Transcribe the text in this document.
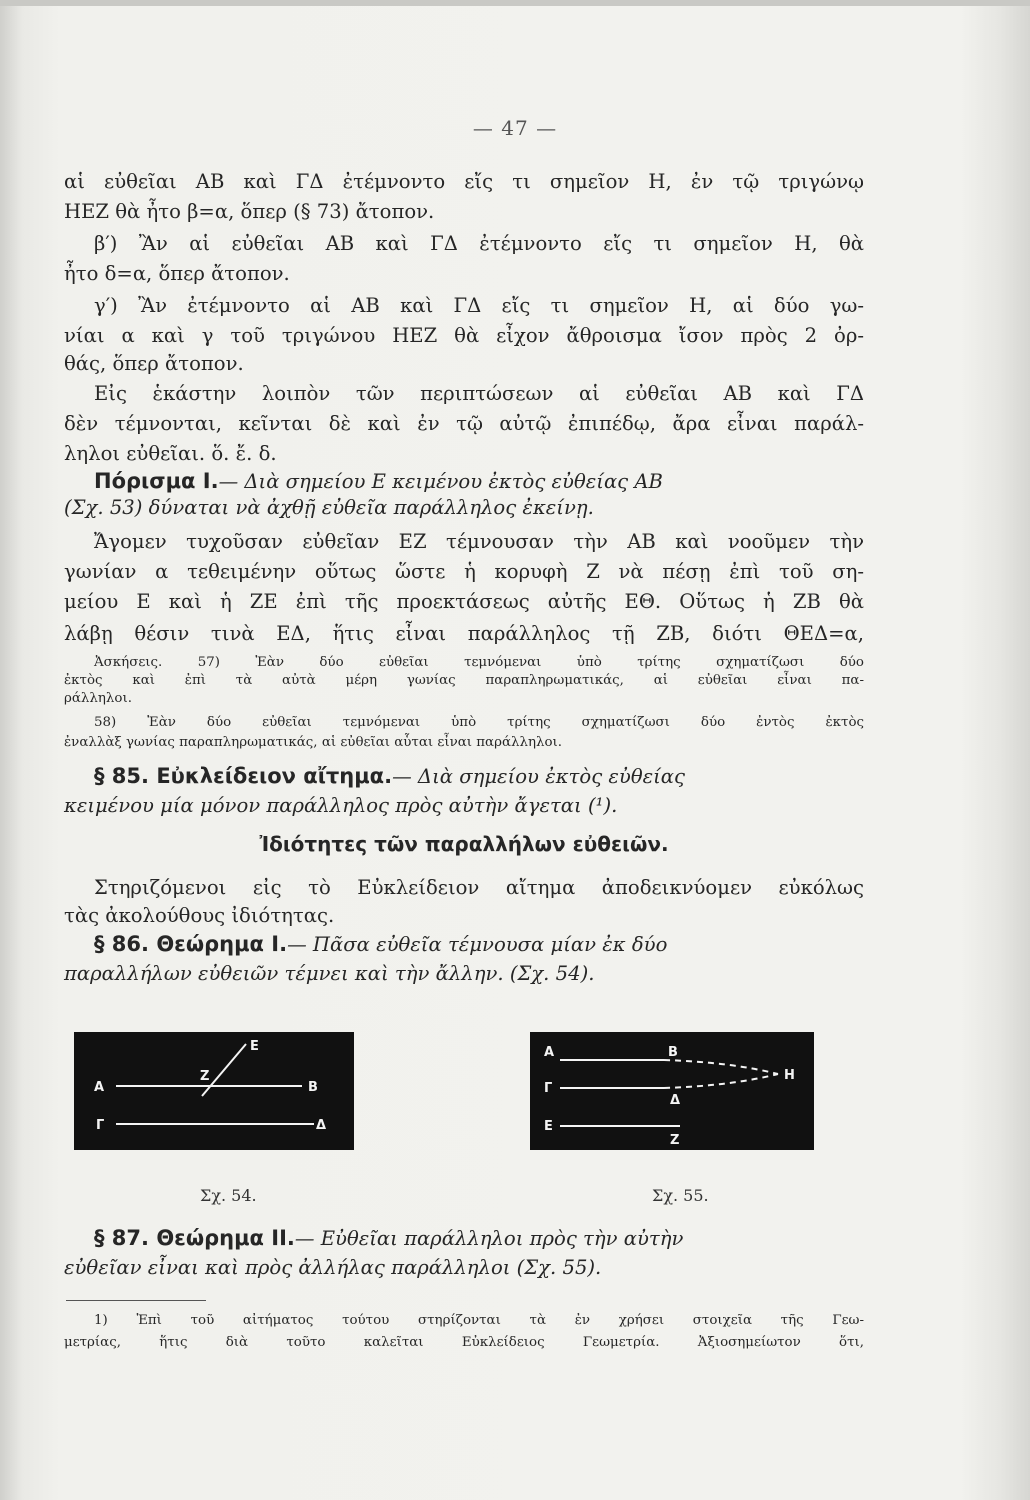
— 47 —
αἱ εὐθεῖαι ΑΒ καὶ ΓΔ ἐτέμνοντο εἴς τι σημεῖον Η, ἐν τῷ τριγώνῳ
ΗΕΖ θὰ ἦτο β=α, ὅπερ (§ 73) ἄτοπον.
β′) Ἂν αἱ εὐθεῖαι ΑΒ καὶ ΓΔ ἐτέμνοντο εἴς τι σημεῖον Η, θὰ
ἦτο δ=α, ὅπερ ἄτοπον.
γ′) Ἂν ἐτέμνοντο αἱ ΑΒ καὶ ΓΔ εἴς τι σημεῖον Η, αἱ δύο γω-
νίαι α καὶ γ τοῦ τριγώνου ΗΕΖ θὰ εἶχον ἄθροισμα ἴσον πρὸς 2 ὀρ-
θάς, ὅπερ ἄτοπον.
Εἰς ἑκάστην λοιπὸν τῶν περιπτώσεων αἱ εὐθεῖαι ΑΒ καὶ ΓΔ
δὲν τέμνονται, κεῖνται δὲ καὶ ἐν τῷ αὐτῷ ἐπιπέδῳ, ἄρα εἶναι παράλ-
ληλοι εὐθεῖαι. ὅ. ἔ. δ.
Πόρισμα Ι.— Διὰ σημείου Ε κειμένου ἐκτὸς εὐθείας ΑΒ
(Σχ. 53) δύναται νὰ ἀχθῇ εὐθεῖα παράλληλος ἐκείνῃ.
Ἄγομεν τυχοῦσαν εὐθεῖαν ΕΖ τέμνουσαν τὴν ΑΒ καὶ νοοῦμεν τὴν
γωνίαν α τεθειμένην οὕτως ὥστε ἡ κορυφὴ Ζ νὰ πέσῃ ἐπὶ τοῦ ση-
μείου Ε καὶ ἡ ΖΕ ἐπὶ τῆς προεκτάσεως αὐτῆς ΕΘ. Οὕτως ἡ ΖΒ θὰ
λάβῃ θέσιν τινὰ ΕΔ, ἥτις εἶναι παράλληλος τῇ ΖΒ, διότι ΘΕΔ=α,
Ἀσκήσεις. 57) Ἐὰν δύο εὐθεῖαι τεμνόμεναι ὑπὸ τρίτης σχηματίζωσι δύο
ἐκτὸς καὶ ἐπὶ τὰ αὐτὰ μέρη γωνίας παραπληρωματικάς, αἱ εὐθεῖαι εἶναι πα-
ράλληλοι.
58) Ἐὰν δύο εὐθεῖαι τεμνόμεναι ὑπὸ τρίτης σχηματίζωσι δύο ἐντὸς ἐκτὸς
ἐναλλὰξ γωνίας παραπληρωματικάς, αἱ εὐθεῖαι αὗται εἶναι παράλληλοι.
§ 85. Εὐκλείδειον αἴτημα.— Διὰ σημείου ἐκτὸς εὐθείας
κειμένου μία μόνον παράλληλος πρὸς αὐτὴν ἄγεται (¹).
Ἰδιότητες τῶν παραλλήλων εὐθειῶν.
Στηριζόμενοι εἰς τὸ Εὐκλείδειον αἴτημα ἀποδεικνύομεν εὐκόλως
τὰς ἀκολούθους ἰδιότητας.
§ 86. Θεώρημα Ι.— Πᾶσα εὐθεῖα τέμνουσα μίαν ἐκ δύο
παραλλήλων εὐθειῶν τέμνει καὶ τὴν ἄλλην. (Σχ. 54).
Α	Β
Γ	Δ
Ε
Ζ
Σχ. 54.
Α	Β
Γ
Δ
Ε
Ζ
Η
Σχ. 55.
§ 87. Θεώρημα ΙΙ.— Εὐθεῖαι παράλληλοι πρὸς τὴν αὐτὴν
εὐθεῖαν εἶναι καὶ πρὸς ἀλλήλας παράλληλοι (Σχ. 55).
1) Ἐπὶ τοῦ αἰτήματος τούτου στηρίζονται τὰ ἐν χρήσει στοιχεῖα τῆς Γεω-
μετρίας, ἥτις διὰ τοῦτο καλεῖται Εὐκλείδειος Γεωμετρία. Ἀξιοσημείωτον ὅτι,
